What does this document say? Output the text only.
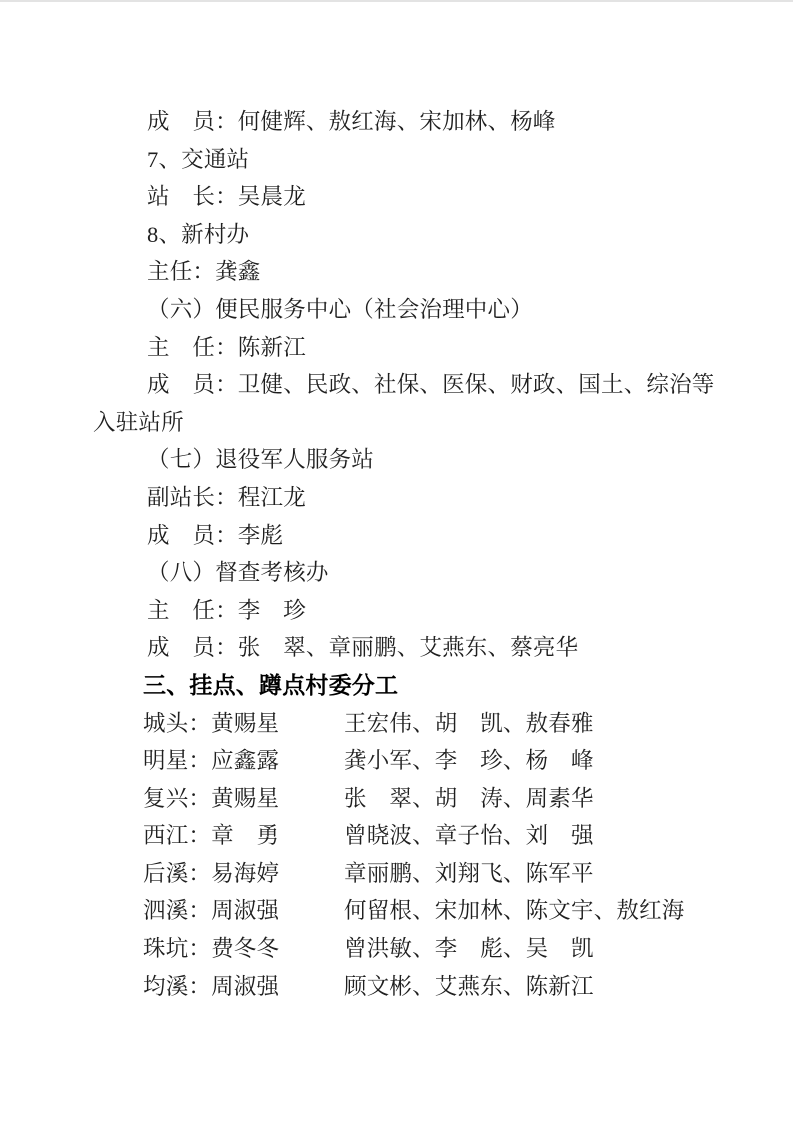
成　员：何健辉、敖红海、宋加林、杨峰
7、交通站
站　长：吴晨龙
8、新村办
主任：龚鑫
（六）便民服务中心（社会治理中心）
主　任：陈新江
成　员：卫健、民政、社保、医保、财政、国土、综治等
入驻站所
（七）退役军人服务站
副站长：程江龙
成　员：李彪
（八）督查考核办
主　任：李　珍
成　员：张　翠、章丽鹏、艾燕东、蔡亮华
三、挂点、蹲点村委分工
城头：黄赐星	王宏伟、胡　凯、敖春雅
明星：应鑫露	龚小军、李　珍、杨　峰
复兴：黄赐星	张　翠、胡　涛、周素华
西江：章　勇	曾晓波、章子怡、刘　强
后溪：易海婷	章丽鹏、刘翔飞、陈军平
泗溪：周淑强	何留根、宋加林、陈文宇、敖红海
珠坑：费冬冬	曾洪敏、李　彪、吴　凯
均溪：周淑强	顾文彬、艾燕东、陈新江
